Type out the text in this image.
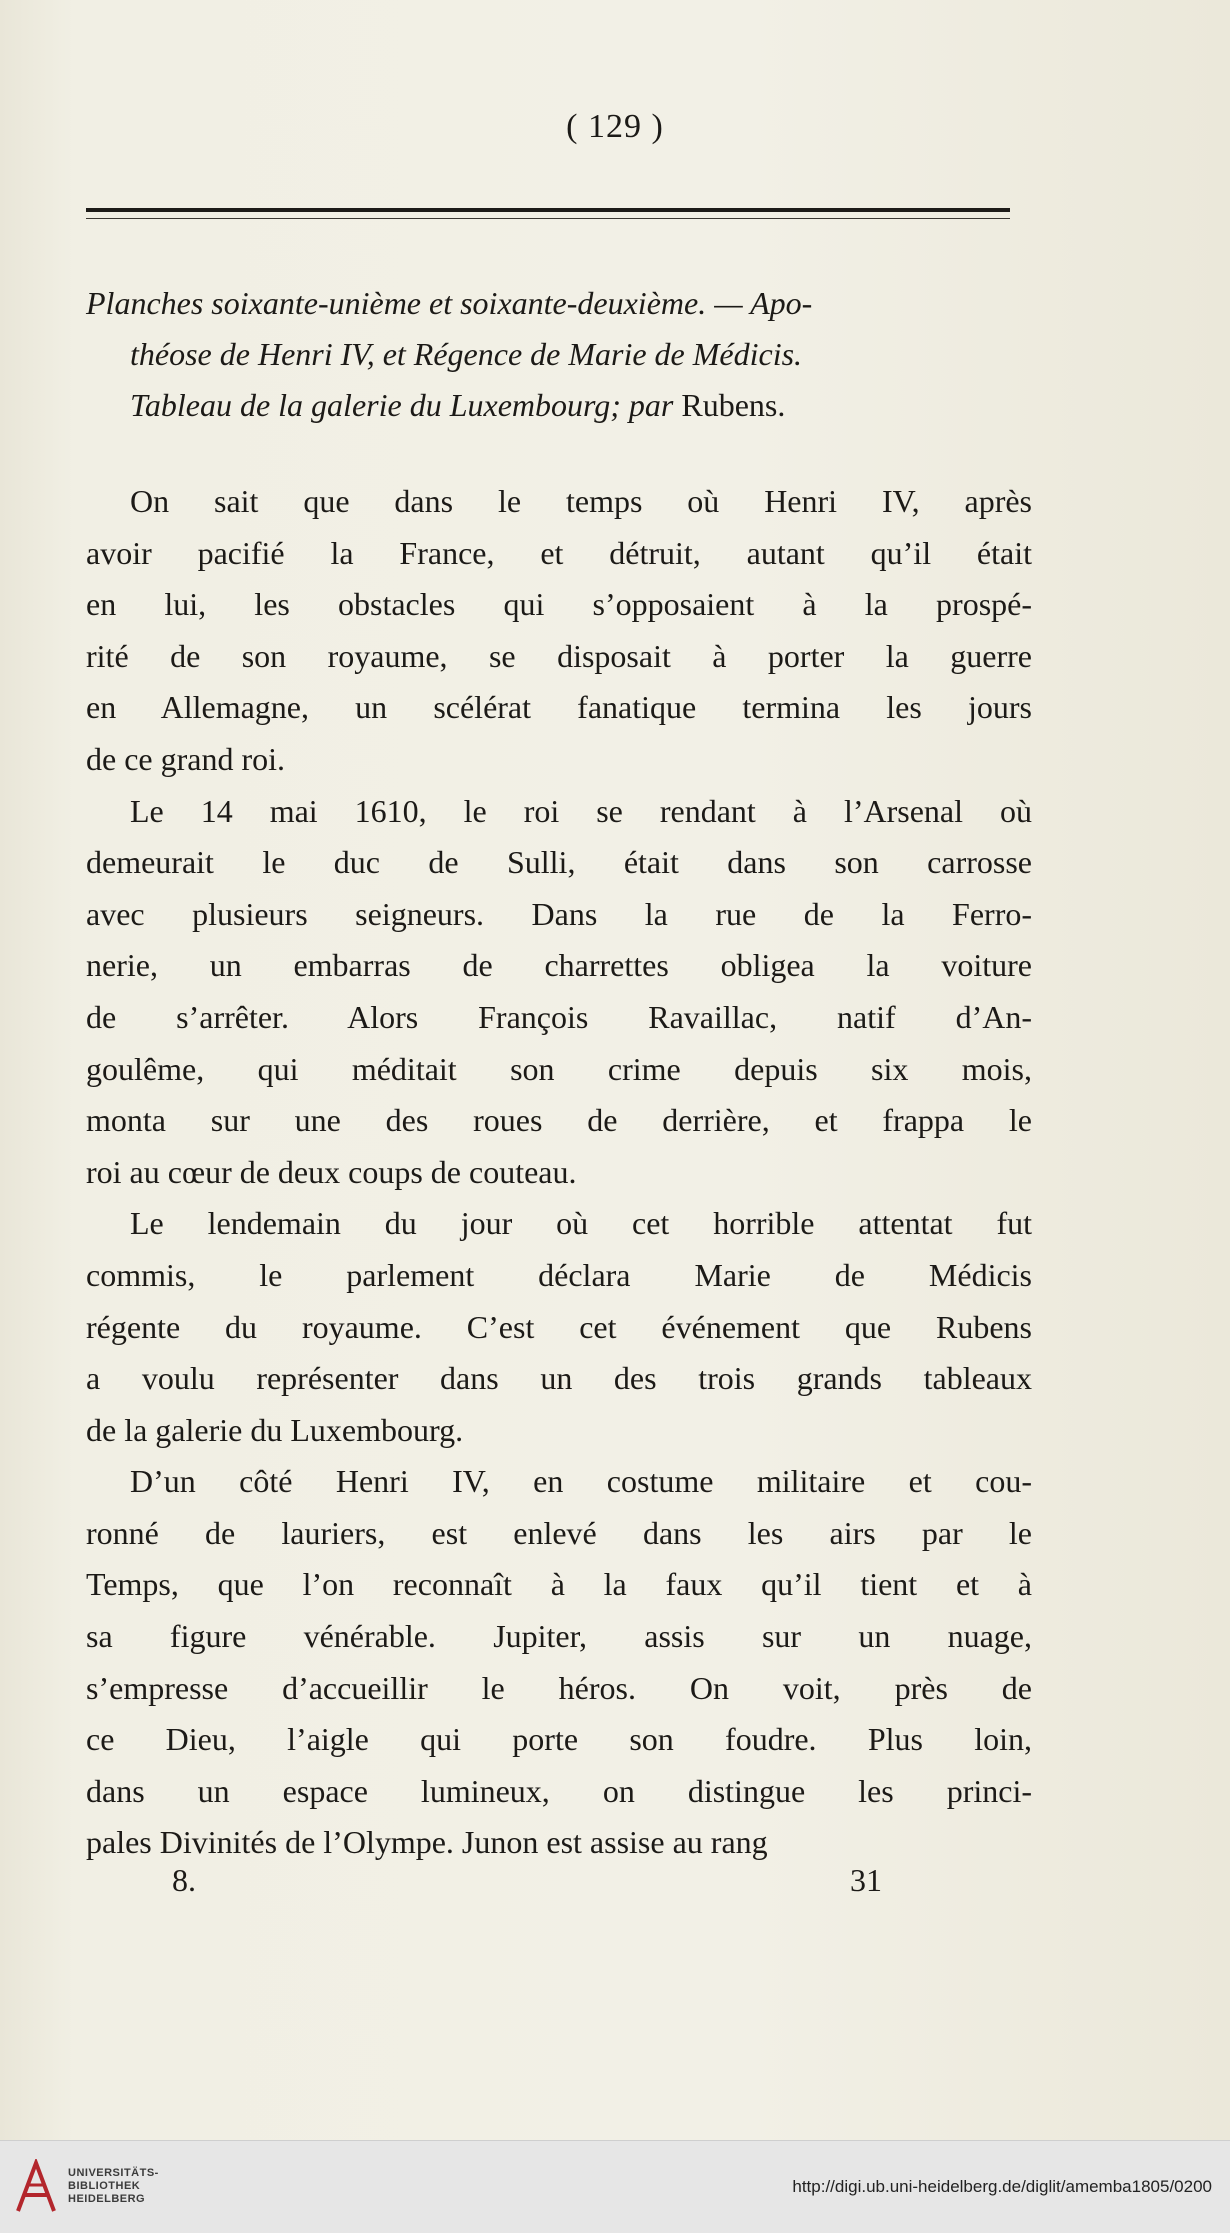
( 129 )
Planches soixante-unième et soixante-deuxième. — Apo-
théose de Henri IV, et Régence de Marie de Médicis.
Tableau de la galerie du Luxembourg; par Rubens.
On sait que dans le temps où Henri IV, après
avoir pacifié la France, et détruit, autant qu’il était
en lui, les obstacles qui s’opposaient à la prospé-
rité de son royaume, se disposait à porter la guerre
en Allemagne, un scélérat fanatique termina les jours
de ce grand roi.
Le 14 mai 1610, le roi se rendant à l’Arsenal où
demeurait le duc de Sulli, était dans son carrosse
avec plusieurs seigneurs. Dans la rue de la Ferro-
nerie, un embarras de charrettes obligea la voiture
de s’arrêter. Alors François Ravaillac, natif d’An-
goulême, qui méditait son crime depuis six mois,
monta sur une des roues de derrière, et frappa le
roi au cœur de deux coups de couteau.
Le lendemain du jour où cet horrible attentat fut
commis, le parlement déclara Marie de Médicis
régente du royaume. C’est cet événement que Rubens
a voulu représenter dans un des trois grands tableaux
de la galerie du Luxembourg.
D’un côté Henri IV, en costume militaire et cou-
ronné de lauriers, est enlevé dans les airs par le
Temps, que l’on reconnaît à la faux qu’il tient et à
sa figure vénérable. Jupiter, assis sur un nuage,
s’empresse d’accueillir le héros. On voit, près de
ce Dieu, l’aigle qui porte son foudre. Plus loin,
dans un espace lumineux, on distingue les princi-
pales Divinités de l’Olympe. Junon est assise au rang
8.	31
UNIVERSITÄTS-
BIBLIOTHEK
HEIDELBERG
http://digi.ub.uni-heidelberg.de/diglit/amemba1805/0200
